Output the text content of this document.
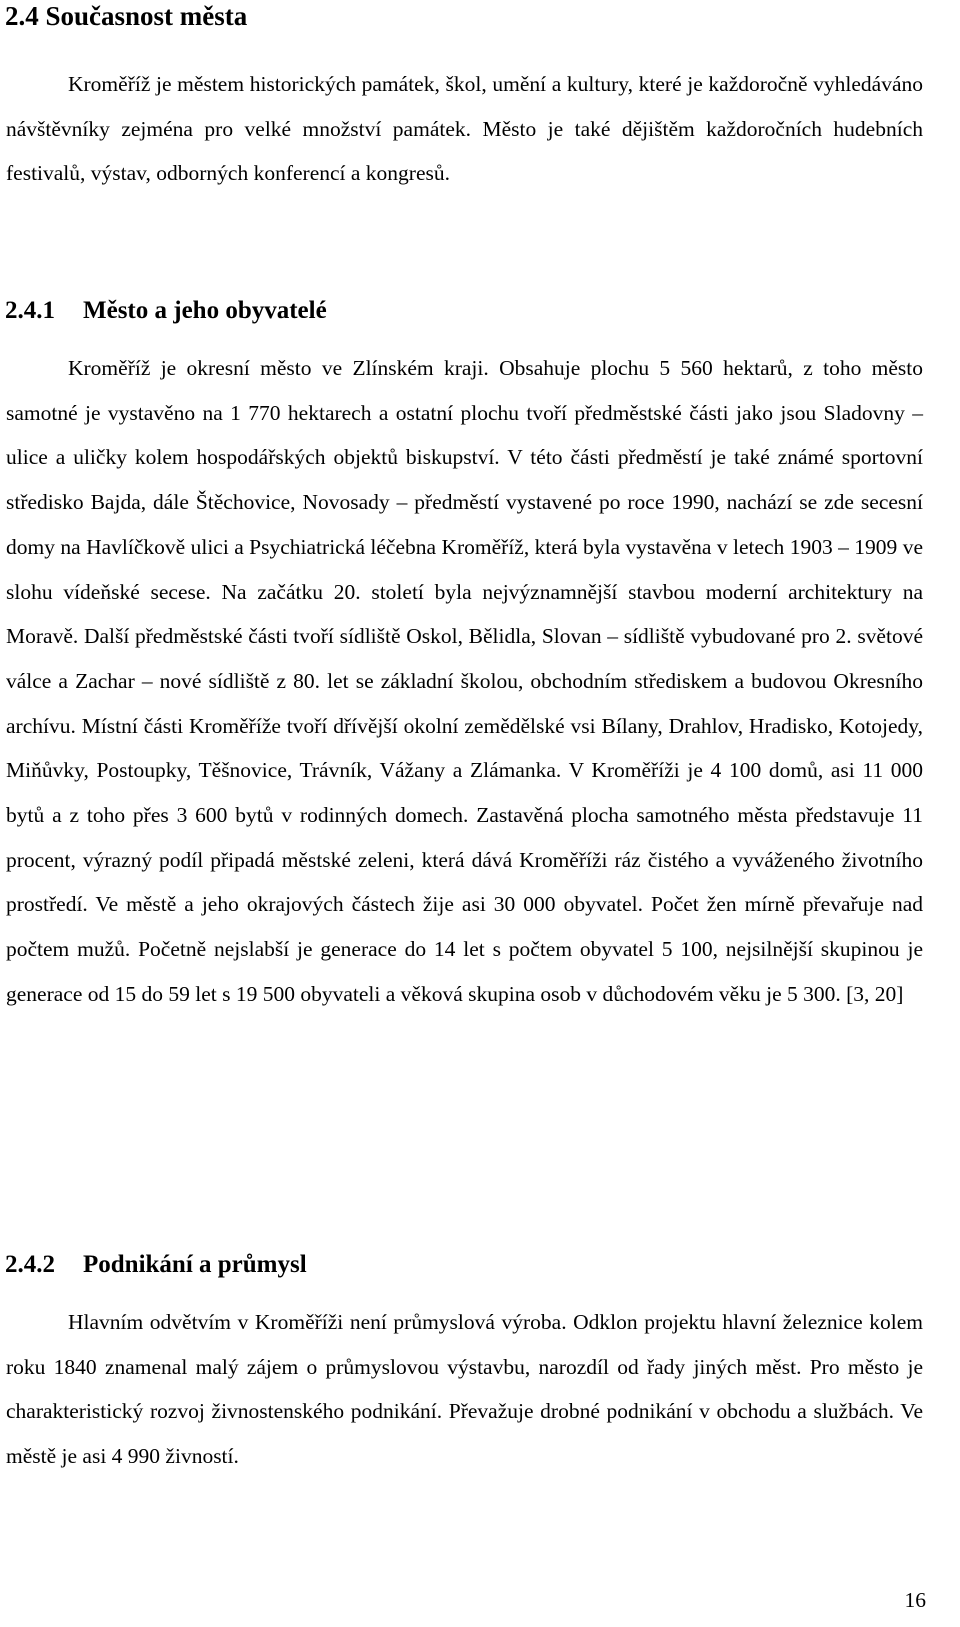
2.4 Současnost města

Kroměříž je městem historických památek, škol, umění a kultury, které je každoročně vyhledáváno návštěvníky zejména pro velké množství památek. Město je také dějištěm každoročních hudebních festivalů, výstav, odborných konferencí a kongresů.

2.4.1 Město a jeho obyvatelé

Kroměříž je okresní město ve Zlínském kraji. Obsahuje plochu 5 560 hektarů, z toho město samotné je vystavěno na 1 770 hektarech a ostatní plochu tvoří předměstské části jako jsou Sladovny – ulice a uličky kolem hospodářských objektů biskupství. V této části předměstí je také známé sportovní středisko Bajda, dále Štěchovice, Novosady – předměstí vystavené po roce 1990, nachází se zde secesní domy na Havlíčkově ulici a Psychiatrická léčebna Kroměříž, která byla vystavěna v letech 1903 – 1909 ve slohu vídeňské secese. Na začátku 20. století byla nejvýznamnější stavbou moderní architektury na Moravě. Další předměstské části tvoří sídliště Oskol, Bělidla, Slovan – sídliště vybudované pro 2. světové válce a Zachar – nové sídliště z 80. let se základní školou, obchodním střediskem a budovou Okresního archívu. Místní části Kroměříže tvoří dřívější okolní zemědělské vsi Bílany, Drahlov, Hradisko, Kotojedy, Miňůvky, Postoupky, Těšnovice, Trávník, Vážany a Zlámanka. V Kroměříži je 4 100 domů, asi 11 000 bytů a z toho přes 3 600 bytů v rodinných domech. Zastavěná plocha samotného města představuje 11 procent, výrazný podíl připadá městské zeleni, která dává Kroměříži ráz čistého a vyváženého životního prostředí. Ve městě a jeho okrajových částech žije asi 30 000 obyvatel. Počet žen mírně převařuje nad počtem mužů. Početně nejslabší je generace do 14 let s počtem obyvatel 5 100, nejsilnější skupinou je generace od 15 do 59 let s 19 500 obyvateli a věková skupina osob v důchodovém věku je 5 300. [3, 20]

2.4.2 Podnikání a průmysl

Hlavním odvětvím v Kroměříži není průmyslová výroba. Odklon projektu hlavní železnice kolem roku 1840 znamenal malý zájem o průmyslovou výstavbu, narozdíl od řady jiných měst. Pro město je charakteristický rozvoj živnostenského podnikání. Převažuje drobné podnikání v obchodu a službách. Ve městě je asi 4 990 živností.

16
